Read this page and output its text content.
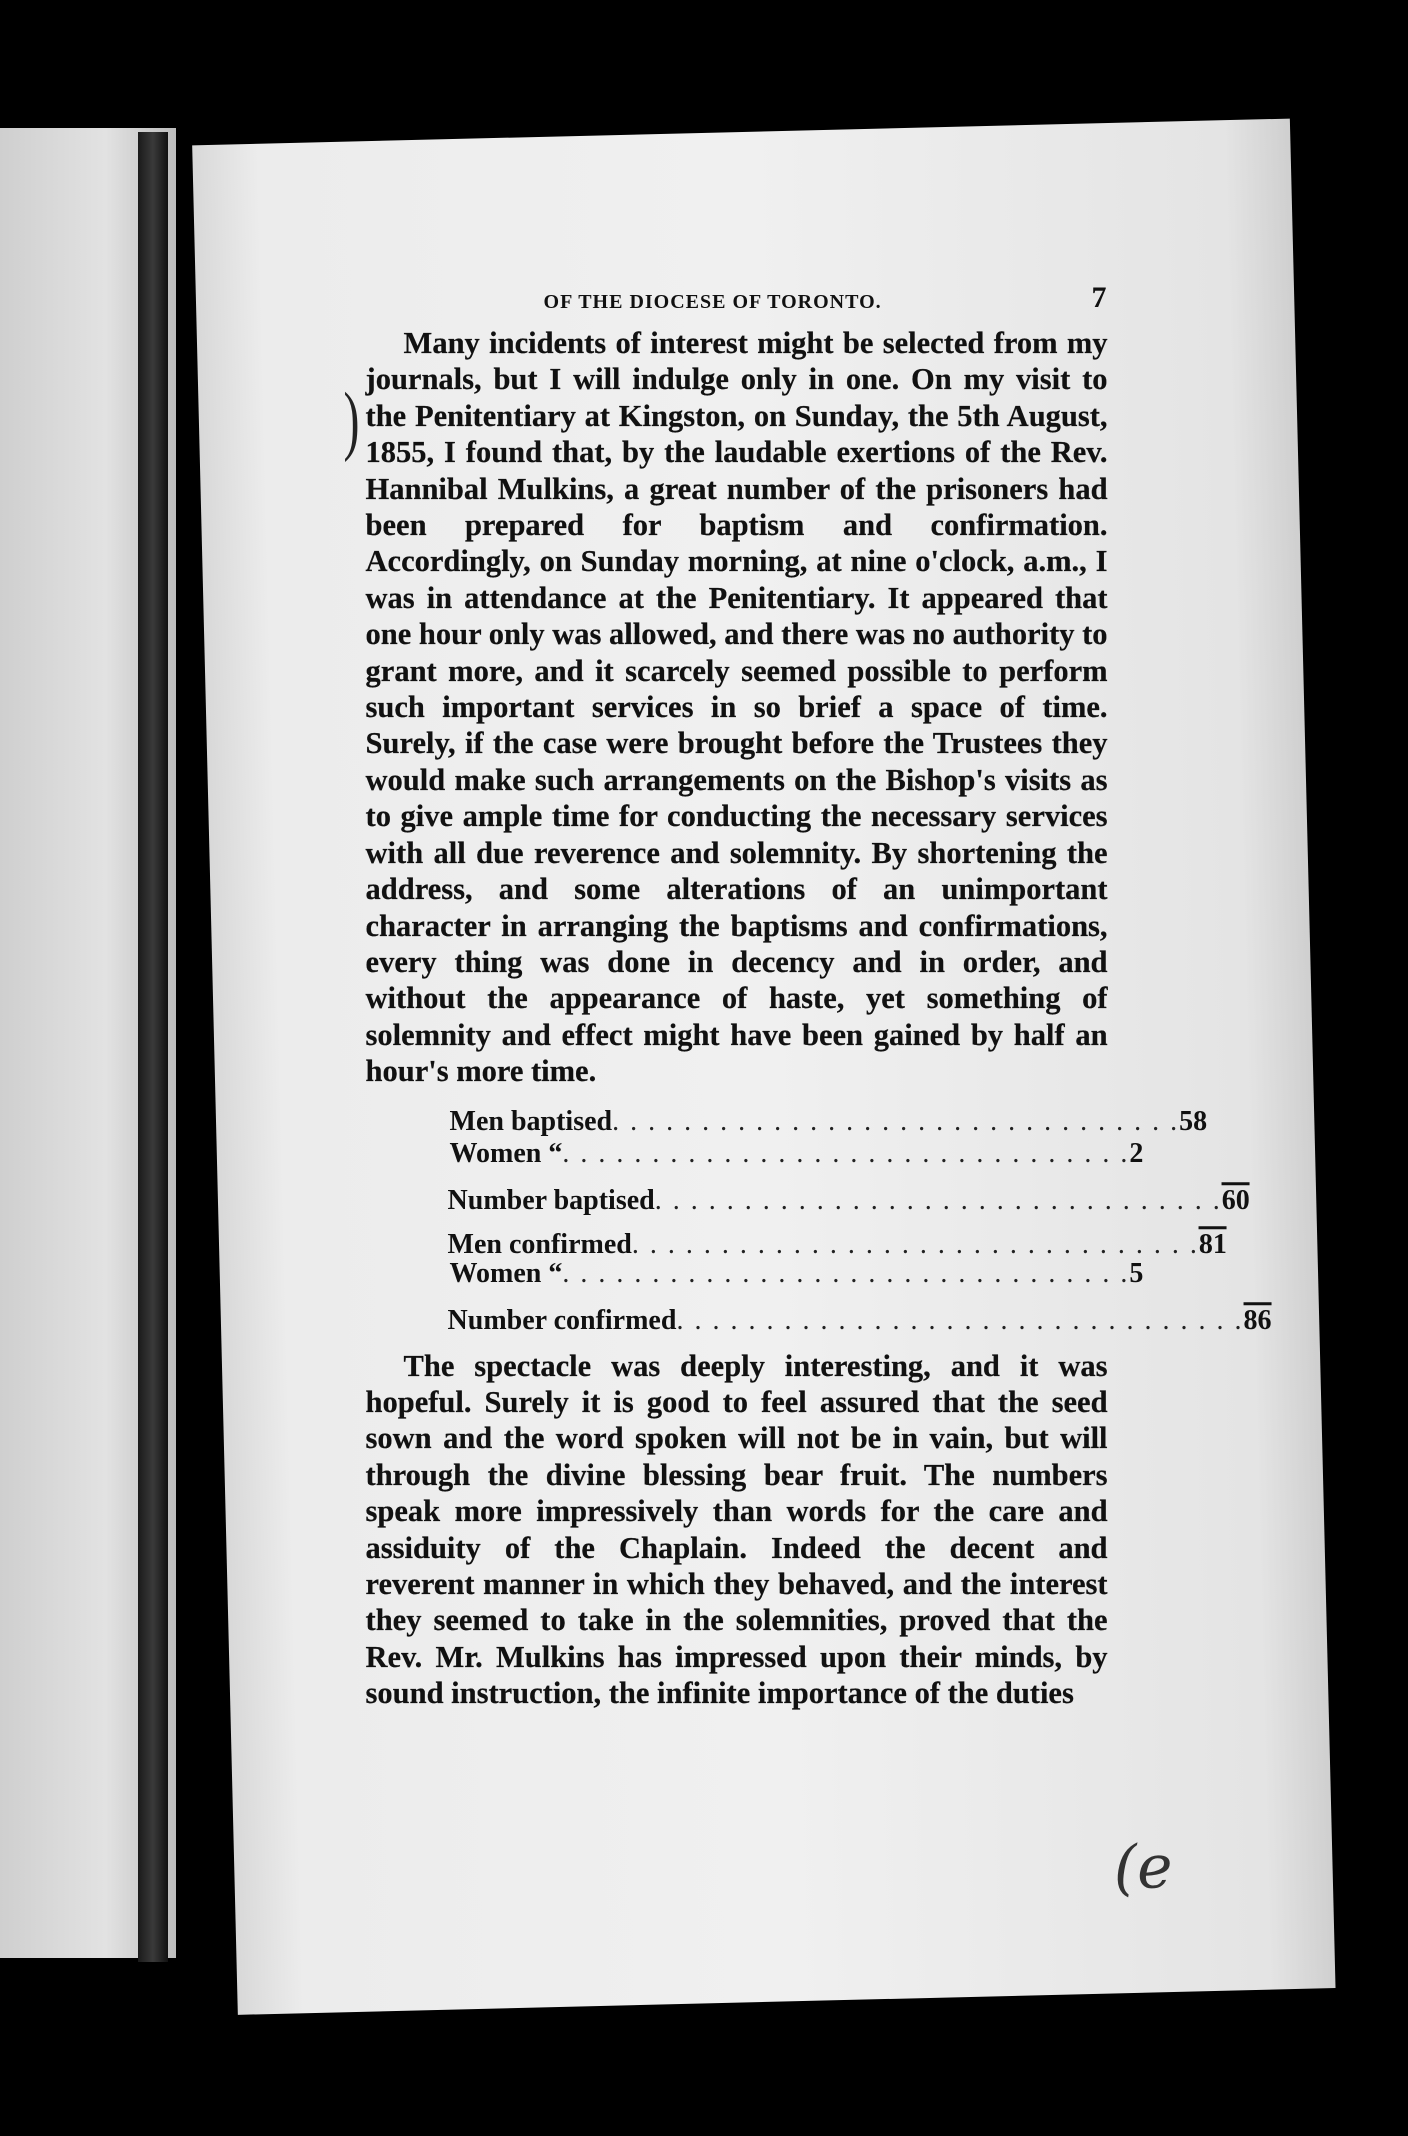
OF THE DIOCESE OF TORONTO.	7
)

Many incidents of interest might be selected from my journals, but I will indulge only in one. On my visit to the Penitentiary at Kingston, on Sunday, the 5th August, 1855, I found that, by the laudable exertions of the Rev. Hannibal Mulkins, a great number of the prisoners had been prepared for baptism and confirmation. Accordingly, on Sunday morning, at nine o'clock, a.m., I was in attendance at the Penitentiary. It appeared that one hour only was allowed, and there was no authority to grant more, and it scarcely seemed possible to perform such important services in so brief a space of time. Surely, if the case were brought before the Trustees they would make such arrangements on the Bishop's visits as to give ample time for conducting the necessary services with all due reverence and solemnity. By shortening the address, and some alterations of an unimportant character in arranging the baptisms and confirmations, every thing was done in decency and in order, and without the appearance of haste, yet something of solemnity and effect might have been gained by half an hour's more time.

Men baptised . . . . . . . . . . . . . . . . . . . . . . . . . . . . . . . . 58
Women “ . . . . . . . . . . . . . . . . . . . . . . . . . . . . . . . . 2
Number baptised . . . . . . . . . . . . . . . . . . . . . . . . . . . . . . . . 60
Men confirmed . . . . . . . . . . . . . . . . . . . . . . . . . . . . . . . . 81
Women “ . . . . . . . . . . . . . . . . . . . . . . . . . . . . . . . . 5
Number confirmed . . . . . . . . . . . . . . . . . . . . . . . . . . . . . . . . 86

The spectacle was deeply interesting, and it was hopeful. Surely it is good to feel assured that the seed sown and the word spoken will not be in vain, but will through the divine blessing bear fruit. The numbers speak more impressively than words for the care and assiduity of the Chaplain. Indeed the decent and reverent manner in which they behaved, and the interest they seemed to take in the solemnities, proved that the Rev. Mr. Mulkins has impressed upon their minds, by sound instruction, the infinite importance of the duties

(e
